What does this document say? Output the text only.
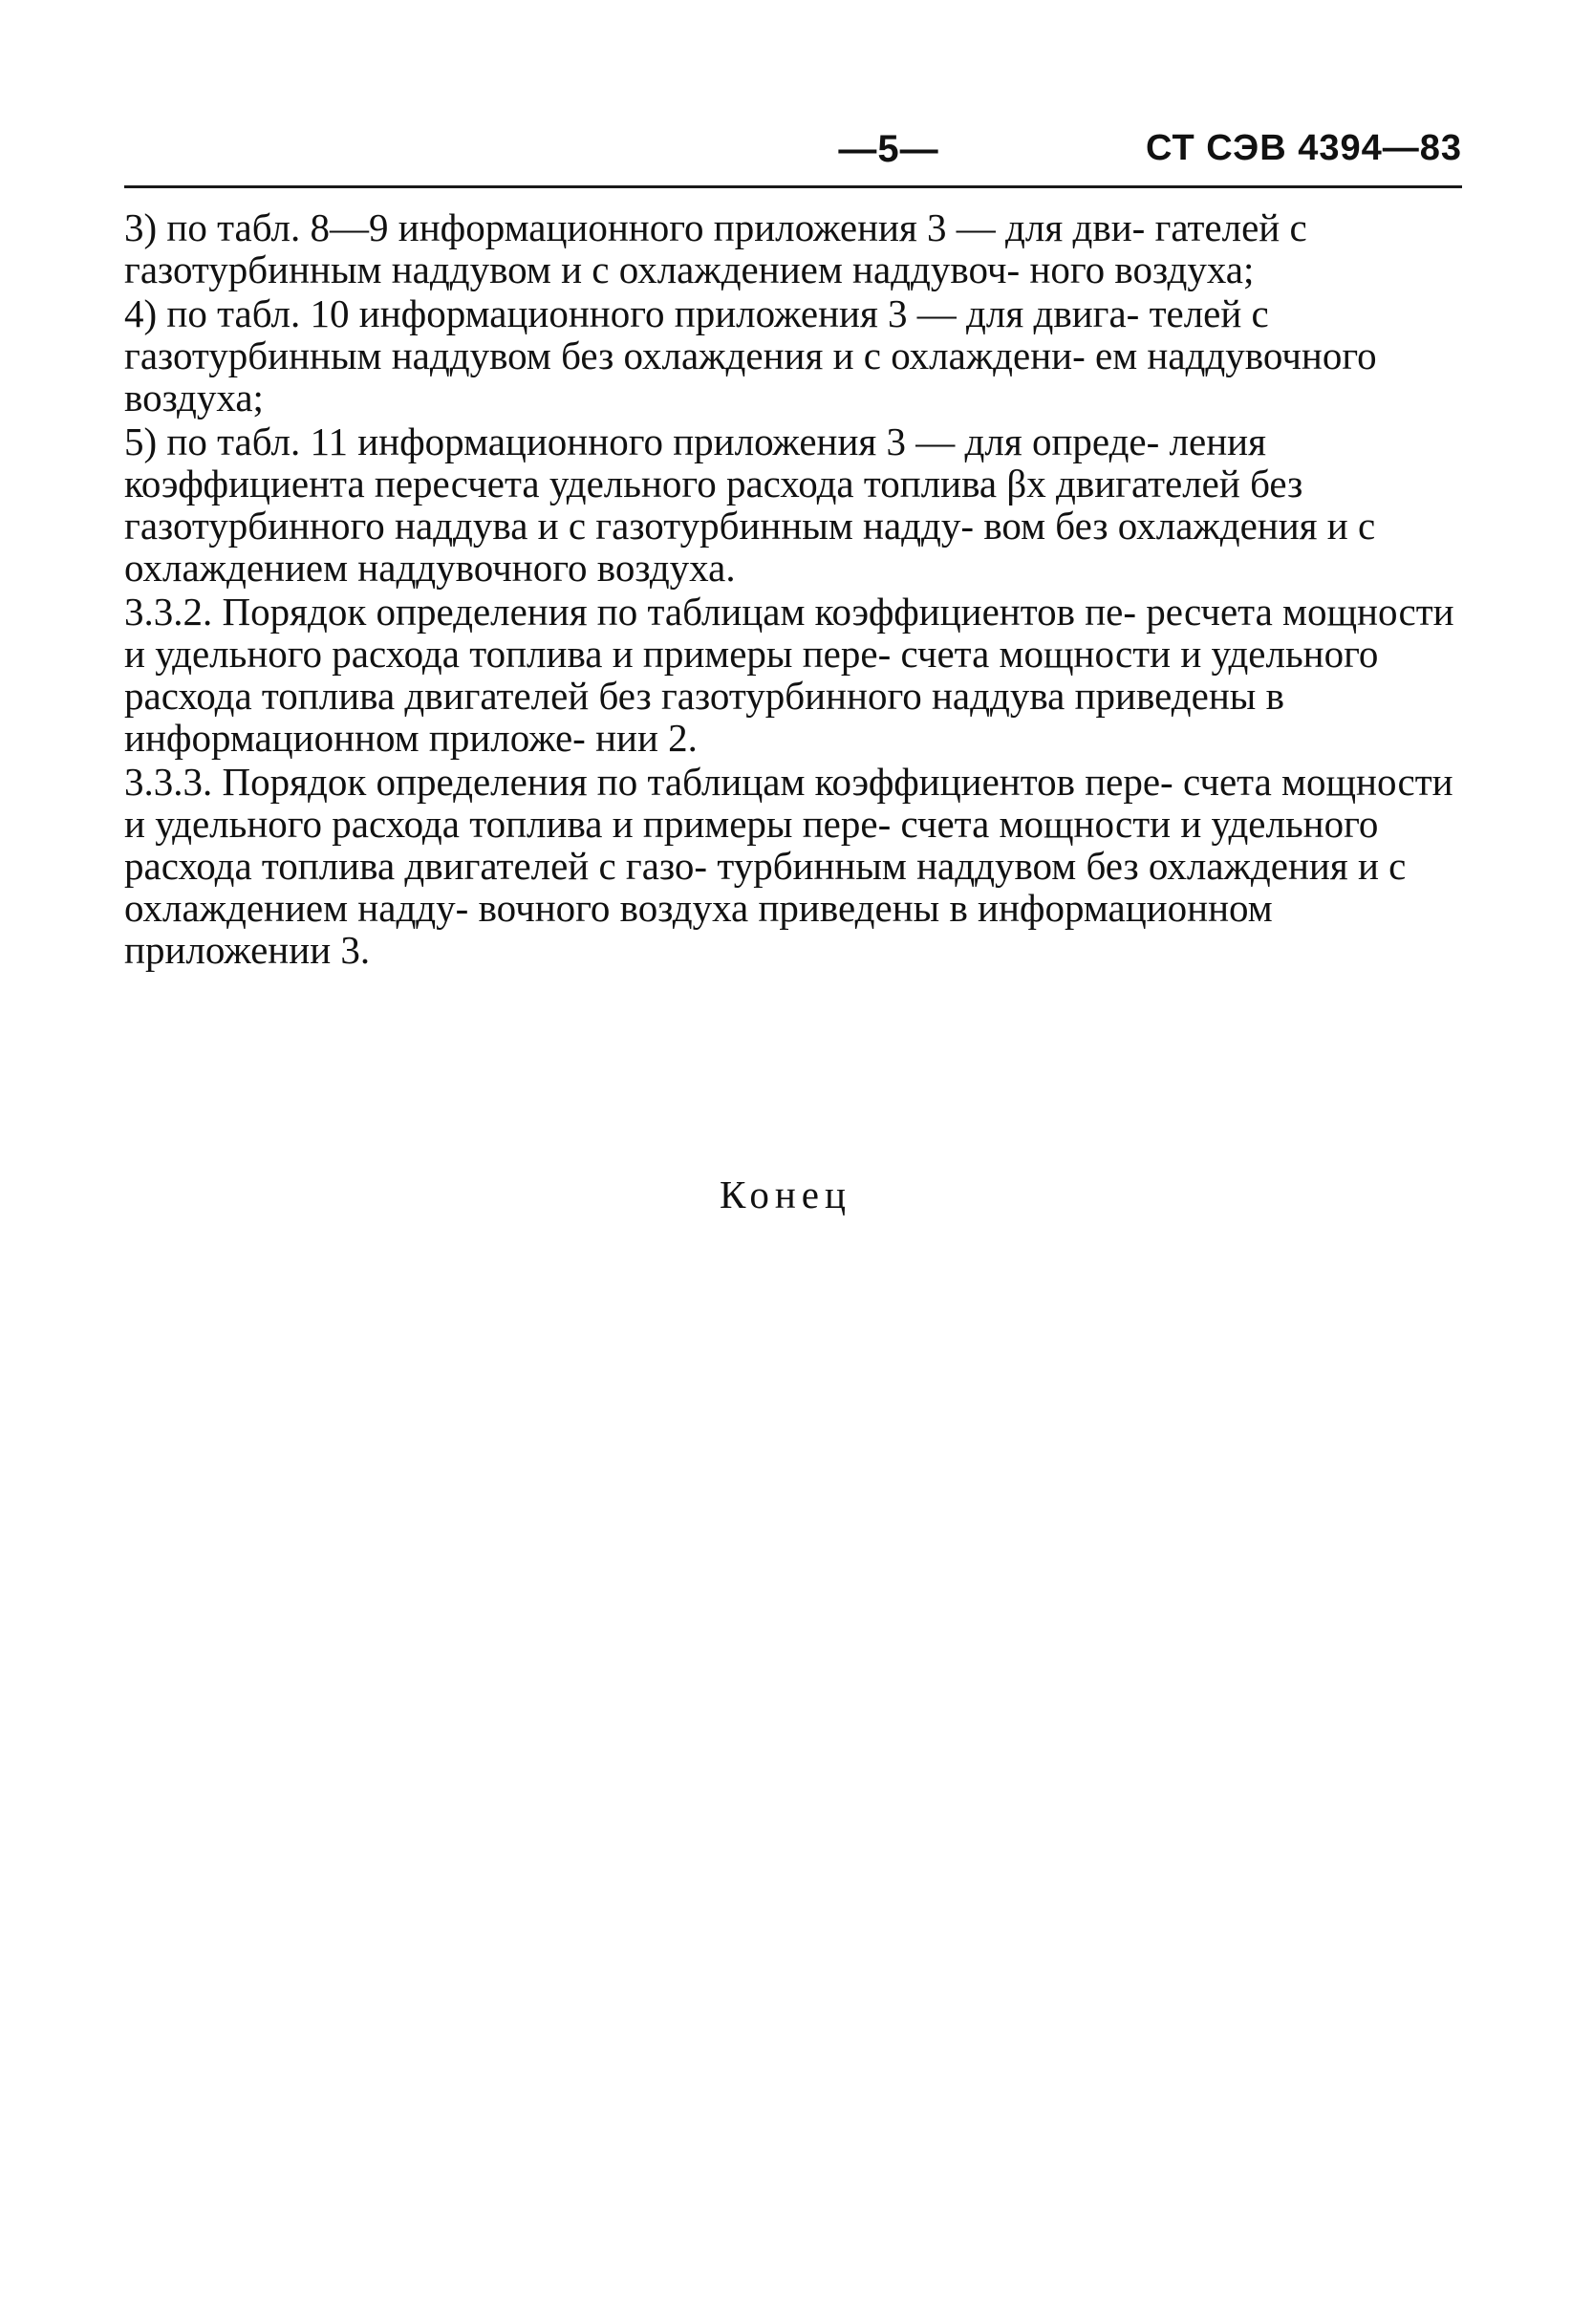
—5—	СТ СЭВ 4394—83
3) по табл. 8—9 информационного приложения 3 — для дви- гателей с газотурбинным наддувом и с охлаждением наддувоч- ного воздуха;
4) по табл. 10 информационного приложения 3 — для двига- телей с газотурбинным наддувом без охлаждения и с охлаждени- ем наддувочного воздуха;
5) по табл. 11 информационного приложения 3 — для опреде- ления коэффициента пересчета удельного расхода топлива βх двигателей без газотурбинного наддува и с газотурбинным надду- вом без охлаждения и с охлаждением наддувочного воздуха.
3.3.2. Порядок определения по таблицам коэффициентов пе- ресчета мощности и удельного расхода топлива и примеры пере- счета мощности и удельного расхода топлива двигателей без газотурбинного наддува приведены в информационном приложе- нии 2.
3.3.3. Порядок определения по таблицам коэффициентов пере- счета мощности и удельного расхода топлива и примеры пере- счета мощности и удельного расхода топлива двигателей с газо- турбинным наддувом без охлаждения и с охлаждением надду- вочного воздуха приведены в информационном приложении 3.
Конец
